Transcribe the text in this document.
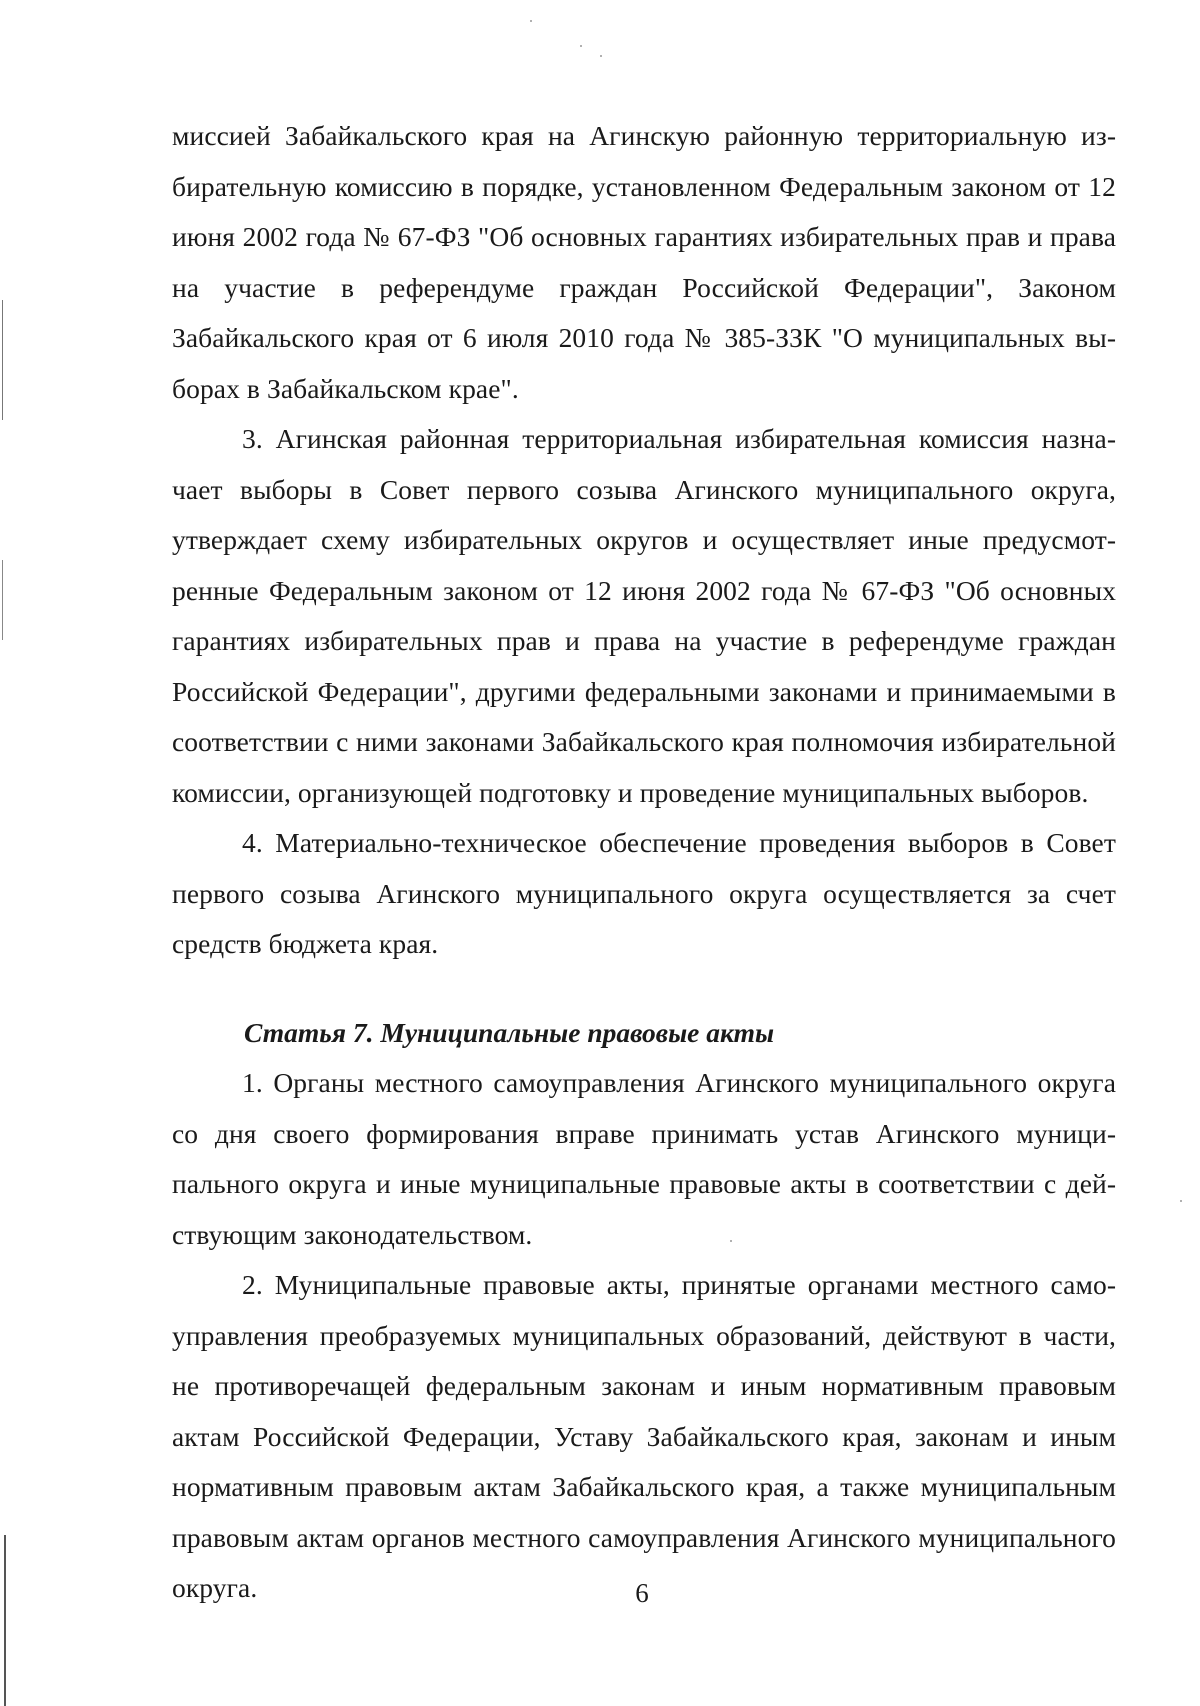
миссией Забайкальского края на Агинскую районную территориальную избирательную комиссию в порядке, установленном Федеральным законом от 12 июня 2002 года № 67-ФЗ "Об основных гарантиях избирательных прав и права на участие в референдуме граждан Российской Федерации", Законом Забайкальского края от 6 июля 2010 года № 385-ЗЗК "О муниципальных выборах в Забайкальском крае".

3. Агинская районная территориальная избирательная комиссия назначает выборы в Совет первого созыва Агинского муниципального округа, утверждает схему избирательных округов и осуществляет иные предусмотренные Федеральным законом от 12 июня 2002 года № 67-ФЗ "Об основных гарантиях избирательных прав и права на участие в референдуме граждан Российской Федерации", другими федеральными законами и принимаемыми в соответствии с ними законами Забайкальского края полномочия избирательной комиссии, организующей подготовку и проведение муниципальных выборов.

4. Материально-техническое обеспечение проведения выборов в Совет первого созыва Агинского муниципального округа осуществляется за счет средств бюджета края.

Статья 7. Муниципальные правовые акты

1. Органы местного самоуправления Агинского муниципального округа со дня своего формирования вправе принимать устав Агинского муниципального округа и иные муниципальные правовые акты в соответствии с действующим законодательством.

2. Муниципальные правовые акты, принятые органами местного самоуправления преобразуемых муниципальных образований, действуют в части, не противоречащей федеральным законам и иным нормативным правовым актам Российской Федерации, Уставу Забайкальского края, законам и иным нормативным правовым актам Забайкальского края, а также муниципальным правовым актам органов местного самоуправления Агинского муниципального округа.	6
